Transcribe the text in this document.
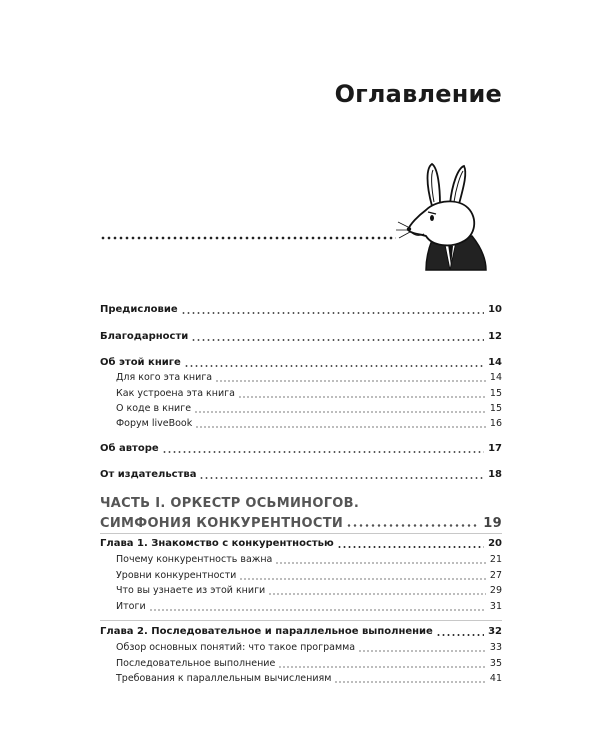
Оглавление
Предисловие	10
Благодарности	12
Об этой книге	14
Для кого эта книга	14
Как устроена эта книга	15
О коде в книге	15
Форум liveBook	16
Об авторе	17
От издательства	18
ЧАСТЬ I. ОРКЕСТР ОСЬМИНОГОВ.
СИМФОНИЯ КОНКУРЕНТНОСТИ	19
Глава 1. Знакомство с конкурентностью	20
Почему конкурентность важна	21
Уровни конкурентности	27
Что вы узнаете из этой книги	29
Итоги	31
Глава 2. Последовательное и параллельное выполнение	32
Обзор основных понятий: что такое программа	33
Последовательное выполнение	35
Требования к параллельным вычислениям	41
